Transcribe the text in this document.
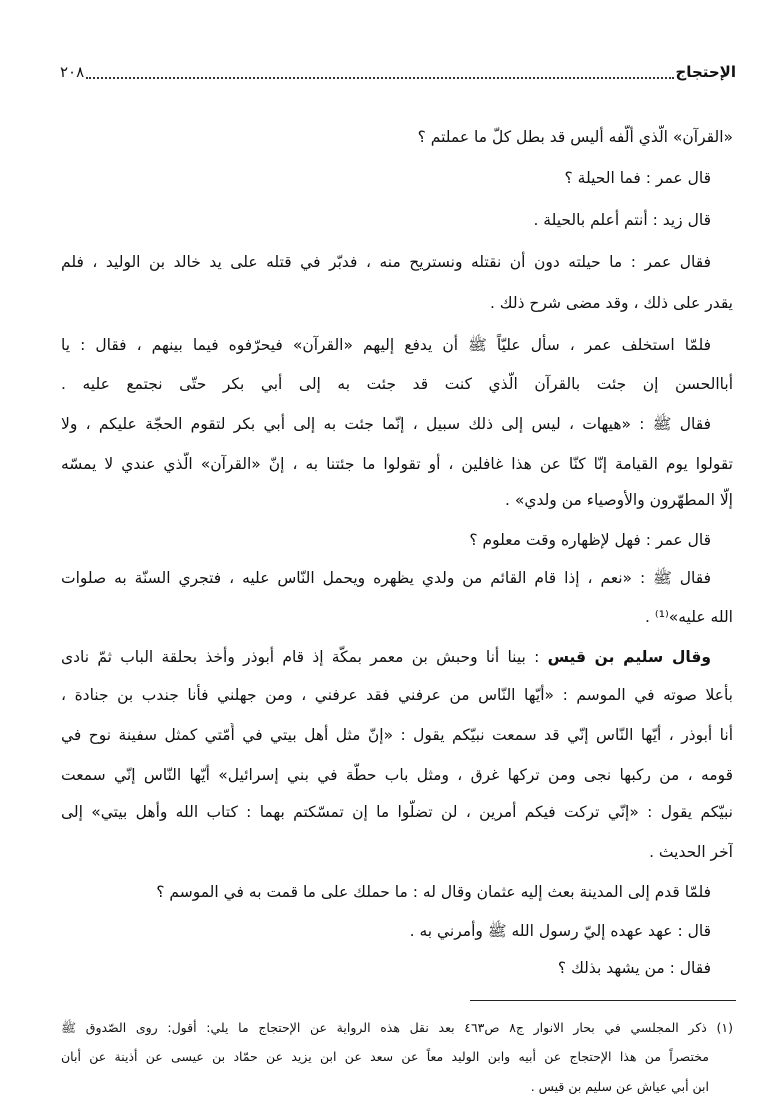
الإحتجاج
٢٠٨
«القرآن» الّذي ألّفه أليس قد بطل كلّ ما عملتم ؟
قال عمر : فما الحيلة ؟
قال زيد : أنتم أعلم بالحيلة .
فقال عمر : ما حيلته دون أن نقتله ونستريح منه ، فدبّر في قتله على يد خالد بن الوليد ، فلم
يقدر على ذلك ، وقد مضى شرح ذلك .
فلمّا استخلف عمر ، سأل عليّاً ﷺ أن يدفع إليهم «القرآن» فيحرّفوه فيما بينهم ، فقال : يا
أباالحسن إن جئت بالقرآن الّذي كنت قد جئت به إلى أبي بكر حتّى نجتمع عليه .
فقال ﷺ : «هيهات ، ليس إلى ذلك سبيل ، إنّما جئت به إلى أبي بكر لتقوم الحجّة عليكم ، ولا
تقولوا يوم القيامة إنّا كنّا عن هذا غافلين ، أو تقولوا ما جئتنا به ، إنّ «القرآن» الّذي عندي لا يمسّه
إلّا المطهّرون والأوصياء من ولدي» .
قال عمر : فهل لإظهاره وقت معلوم ؟
فقال ﷺ : «نعم ، إذا قام القائم من ولدي يظهره ويحمل النّاس عليه ، فتجري السنّة به صلوات
الله عليه»⁽¹⁾ .
وقال سليم بن قيس : بينا أنا وحبش بن معمر بمكّة إذ قام أبوذر وأخذ بحلقة الباب ثمّ نادى
بأعلا صوته في الموسم : «أيّها النّاس من عرفني فقد عرفني ، ومن جهلني فأنا جندب بن جنادة ،
أنا أبوذر ، أيّها النّاس إنّي قد سمعت نبيّكم يقول : «إنّ مثل أهل بيتي في أُمّتي كمثل سفينة نوح في
قومه ، من ركبها نجى ومن تركها غرق ، ومثل باب حطّة في بني إسرائيل» أيّها النّاس إنّي سمعت
نبيّكم يقول : «إنّي تركت فيكم أمرين ، لن تضلّوا ما إن تمسّكتم بهما : كتاب الله وأهل بيتي» إلى
آخر الحديث .
فلمّا قدم إلى المدينة بعث إليه عثمان وقال له : ما حملك على ما قمت به في الموسم ؟
قال : عهد عهده إليّ رسول الله ﷺ وأمرني به .
فقال : من يشهد بذلك ؟
(١) ذكر المجلسي في بحار الانوار ج٨ ص٤٦٣ بعد نقل هذه الرواية عن الإحتجاج ما يلي: أقول: روى الصّدوق ﷺ
مختصراً من هذا الإحتجاج عن أبيه وابن الوليد معاً عن سعد عن ابن يزيد عن حمّاد بن عيسى عن أذينة عن أبان
ابن أبي عياش عن سليم بن قيس .
